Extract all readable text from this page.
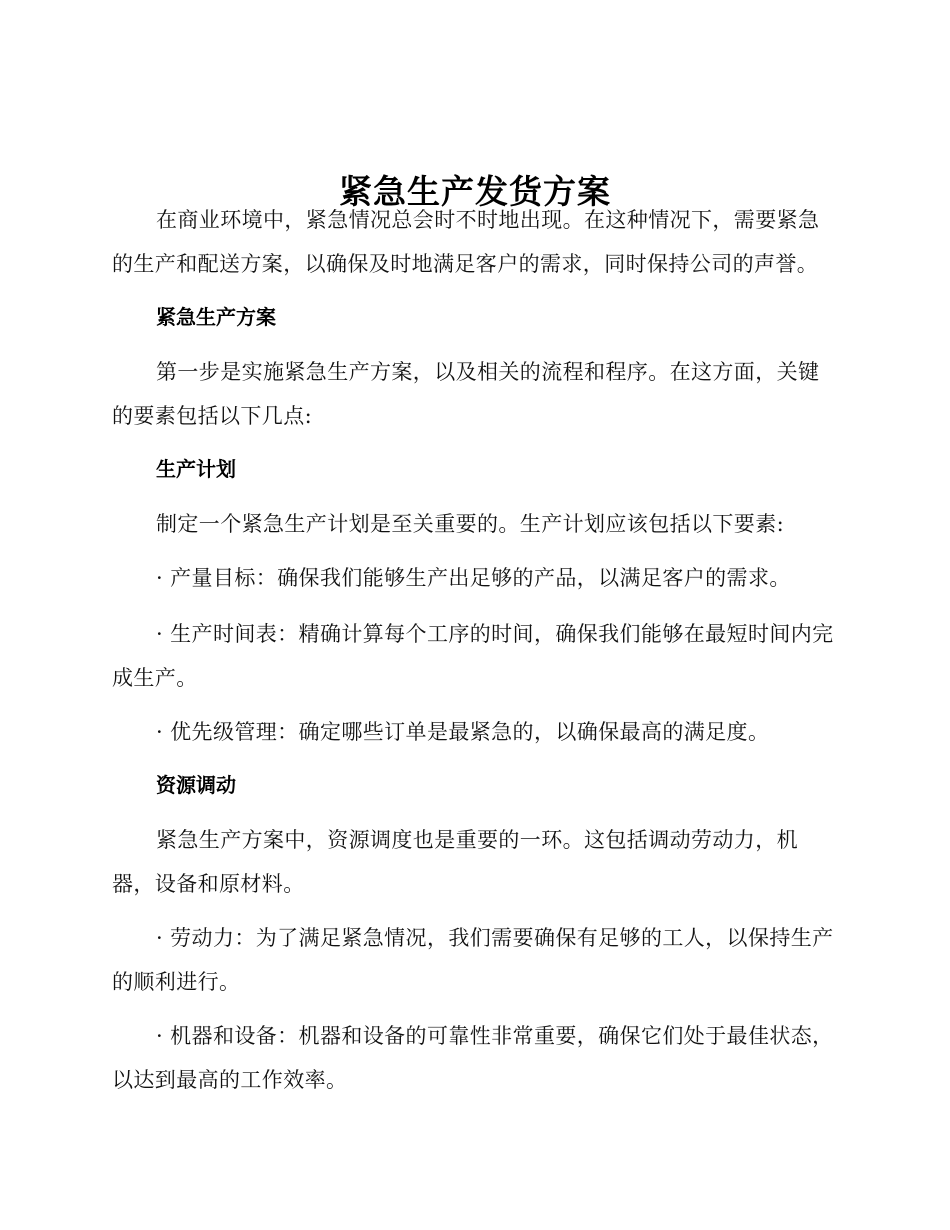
紧急生产发货方案

在商业环境中，紧急情况总会时不时地出现。在这种情况下，需要紧急的生产和配送方案，以确保及时地满足客户的需求，同时保持公司的声誉。

紧急生产方案

第一步是实施紧急生产方案，以及相关的流程和程序。在这方面，关键的要素包括以下几点:

生产计划

制定一个紧急生产计划是至关重要的。生产计划应该包括以下要素:

· 产量目标：确保我们能够生产出足够的产品，以满足客户的需求。

· 生产时间表：精确计算每个工序的时间，确保我们能够在最短时间内完成生产。

· 优先级管理：确定哪些订单是最紧急的，以确保最高的满足度。

资源调动

紧急生产方案中，资源调度也是重要的一环。这包括调动劳动力，机器，设备和原材料。

· 劳动力：为了满足紧急情况，我们需要确保有足够的工人，以保持生产的顺利进行。

· 机器和设备：机器和设备的可靠性非常重要，确保它们处于最佳状态，以达到最高的工作效率。
